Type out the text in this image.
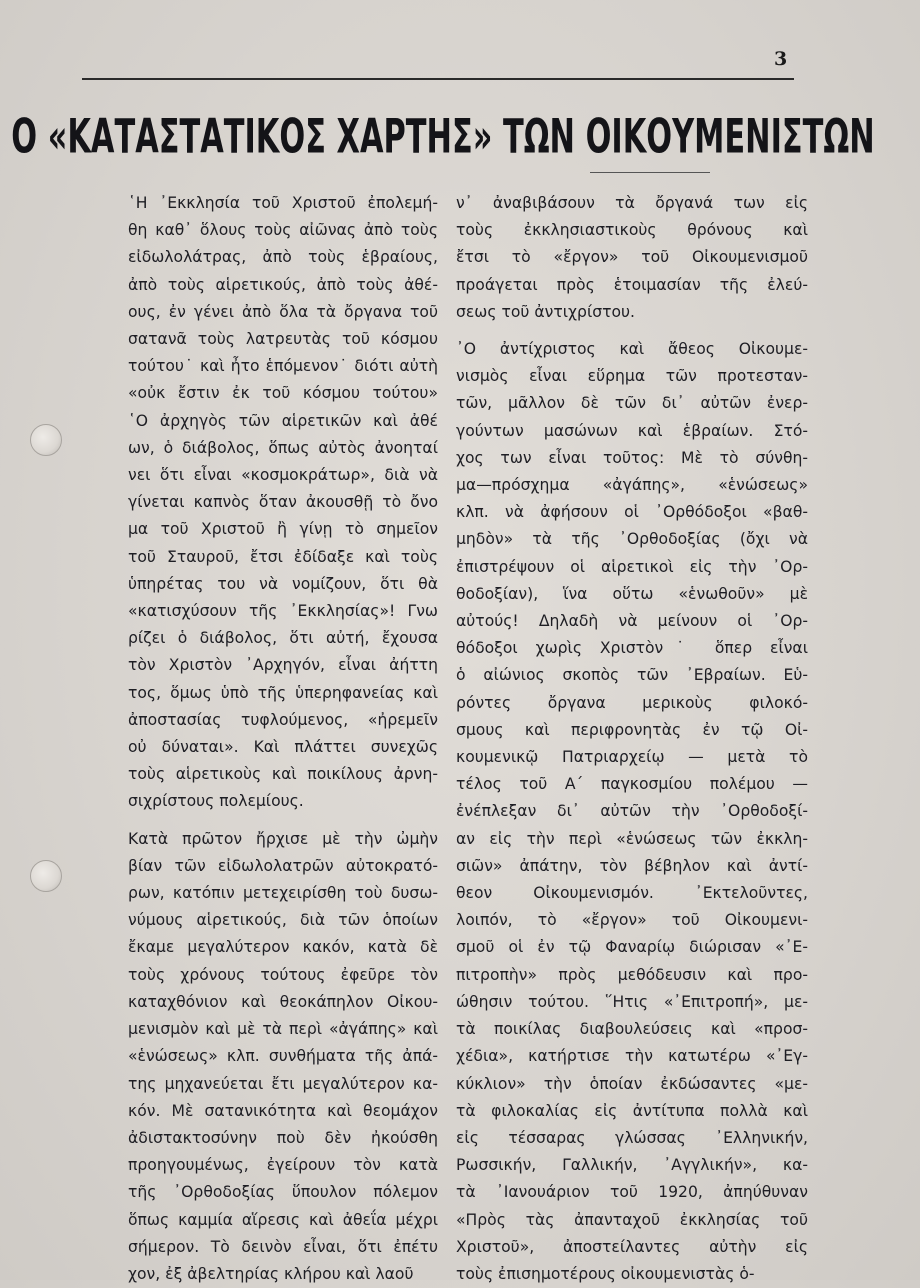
3
Ο «ΚΑΤΑΣΤΑΤΙΚΟΣ ΧΑΡΤΗΣ» ΤΩΝ ΟΙΚΟΥΜΕΝΙΣΤΩΝ

῾Η ᾽Εκκλησία τοῦ Χριστοῦ ἐπολεμή-

θη καθ᾽ ὅλους τοὺς αἰῶνας ἀπὸ τοὺς

εἰδωλολάτρας, ἀπὸ τοὺς ἑβραίους,

ἀπὸ τοὺς αἱρετικούς, ἀπὸ τοὺς ἀθέ-

ους, ἐν γένει ἀπὸ ὅλα τὰ ὄργανα τοῦ

σατανᾶ τοὺς λατρευτὰς τοῦ κόσμου

τούτου˙ καὶ ἦτο ἑπόμενον˙ διότι αὐτὴ

«οὐκ ἔστιν ἐκ τοῦ κόσμου τούτου»

῾Ο ἀρχηγὸς τῶν αἱρετικῶν καὶ ἀθέ

ων, ὁ διάβολος, ὅπως αὐτὸς ἀνοηταί

νει ὅτι εἶναι «κοσμοκράτωρ», διὰ νὰ

γίνεται καπνὸς ὅταν ἀκουσθῇ τὸ ὄνο

μα τοῦ Χριστοῦ ἢ γίνῃ τὸ σημεῖον

τοῦ Σταυροῦ, ἔτσι ἐδίδαξε καὶ τοὺς

ὑπηρέτας του νὰ νομίζουν, ὅτι θὰ

«κατισχύσουν τῆς ᾽Εκκλησίας»! Γνω

ρίζει ὁ διάβολος, ὅτι αὐτή, ἔχουσα

τὸν Χριστὸν ᾽Αρχηγόν, εἶναι ἀήττη

τος, ὅμως ὑπὸ τῆς ὑπερηφανείας καὶ

ἀποστασίας τυφλούμενος, «ἠρεμεῖν

οὐ δύναται». Καὶ πλάττει συνεχῶς

τοὺς αἱρετικοὺς καὶ ποικίλους ἀρνη-

σιχρίστους πολεμίους.

Κατὰ πρῶτον ἤρχισε μὲ τὴν ὠμὴν

βίαν τῶν εἰδωλολατρῶν αὐτοκρατό-

ρων, κατόπιν μετεχειρίσθη τοὺ δυσω-

νύμους αἱρετικούς, διὰ τῶν ὁποίων

ἔκαμε μεγαλύτερον κακόν, κατὰ δὲ

τοὺς χρόνους τούτους ἐφεῦρε τὸν

καταχθόνιον καὶ θεοκάπηλον Οἰκου-

μενισμὸν καὶ μὲ τὰ περὶ «ἀγάπης» καὶ

«ἑνώσεως» κλπ. συνθήματα τῆς ἀπά-

της μηχανεύεται ἔτι μεγαλύτερον κα-

κόν. Μὲ σατανικότητα καὶ θεομάχον

ἀδιστακτοσύνην ποὺ δὲν ἠκούσθη

προηγουμένως, ἐγείρουν τὸν κατὰ

τῆς ᾽Ορθοδοξίας ὕπουλον πόλεμον

ὅπως καμμία αἵρεσις καὶ ἀθεΐα μέχρι

σήμερον. Τὸ δεινὸν εἶναι, ὅτι ἐπέτυ

χον, ἐξ ἀβελτηρίας κλήρου καὶ λαοῦ

ν᾽ ἀναβιβάσουν τὰ ὄργανά των εἰς

τοὺς ἐκκλησιαστικοὺς θρόνους καὶ

ἔτσι τὸ «ἔργον» τοῦ Οἰκουμενισμοῦ

προάγεται πρὸς ἑτοιμασίαν τῆς ἐλεύ-

σεως τοῦ ἀντιχρίστου.

᾽Ο ἀντίχριστος καὶ ἄθεος Οἰκουμε-

νισμὸς εἶναι εὕρημα τῶν προτεσταν-

τῶν, μᾶλλον δὲ τῶν δι᾽ αὐτῶν ἐνερ-

γούντων μασώνων καὶ ἑβραίων. Στό-

χος των εἶναι τοῦτος: Μὲ τὸ σύνθη-

μα—πρόσχημα «ἀγάπης», «ἑνώσεως»

κλπ. νὰ ἀφήσουν οἱ ᾽Ορθόδοξοι «βαθ-

μηδὸν» τὰ τῆς ᾽Ορθοδοξίας (ὄχι νὰ

ἐπιστρέψουν οἱ αἱρετικοὶ εἰς τὴν ᾽Ορ-

θοδοξίαν), ἵνα οὕτω «ἑνωθοῦν» μὲ

αὐτούς! Δηλαδὴ νὰ μείνουν οἱ ᾽Ορ-

θόδοξοι χωρὶς Χριστὸν˙ ὅπερ εἶναι

ὁ αἰώνιος σκοπὸς τῶν ᾽Εβραίων. Εὑ-

ρόντες ὄργανα μερικοὺς φιλοκό-

σμους καὶ περιφρονητὰς ἐν τῷ Οἰ-

κουμενικῷ Πατριαρχείῳ — μετὰ τὸ

τέλος τοῦ Α´ παγκοσμίου πολέμου —

ἐνέπλεξαν δι᾽ αὐτῶν τὴν ᾽Ορθοδοξί-

αν εἰς τὴν περὶ «ἑνώσεως τῶν ἐκκλη-

σιῶν» ἀπάτην, τὸν βέβηλον καὶ ἀντί-

θεον Οἰκουμενισμόν. ᾽Εκτελοῦντες,

λοιπόν, τὸ «ἔργον» τοῦ Οἰκουμενι-

σμοῦ οἱ ἐν τῷ Φαναρίῳ διώρισαν «᾽Ε-

πιτροπὴν» πρὸς μεθόδευσιν καὶ προ-

ώθησιν τούτου. ῞Ητις «᾽Επιτροπή», με-

τὰ ποικίλας διαβουλεύσεις καὶ «προσ-

χέδια», κατήρτισε τὴν κατωτέρω «᾽Εγ-

κύκλιον» τὴν ὁποίαν ἐκδώσαντες «με-

τὰ φιλοκαλίας εἰς ἀντίτυπα πολλὰ καὶ

εἰς τέσσαρας γλώσσας ᾽Ελληνικήν,

Ρωσσικήν, Γαλλικήν, ᾽Αγγλικήν», κα-

τὰ ᾽Ιανουάριον τοῦ 1920, ἀπηύθυναν

«Πρὸς τὰς ἀπανταχοῦ ἐκκλησίας τοῦ

Χριστοῦ», ἀποστείλαντες αὐτὴν εἰς

τοὺς ἐπισημοτέρους οἰκουμενιστὰς ὁ-
